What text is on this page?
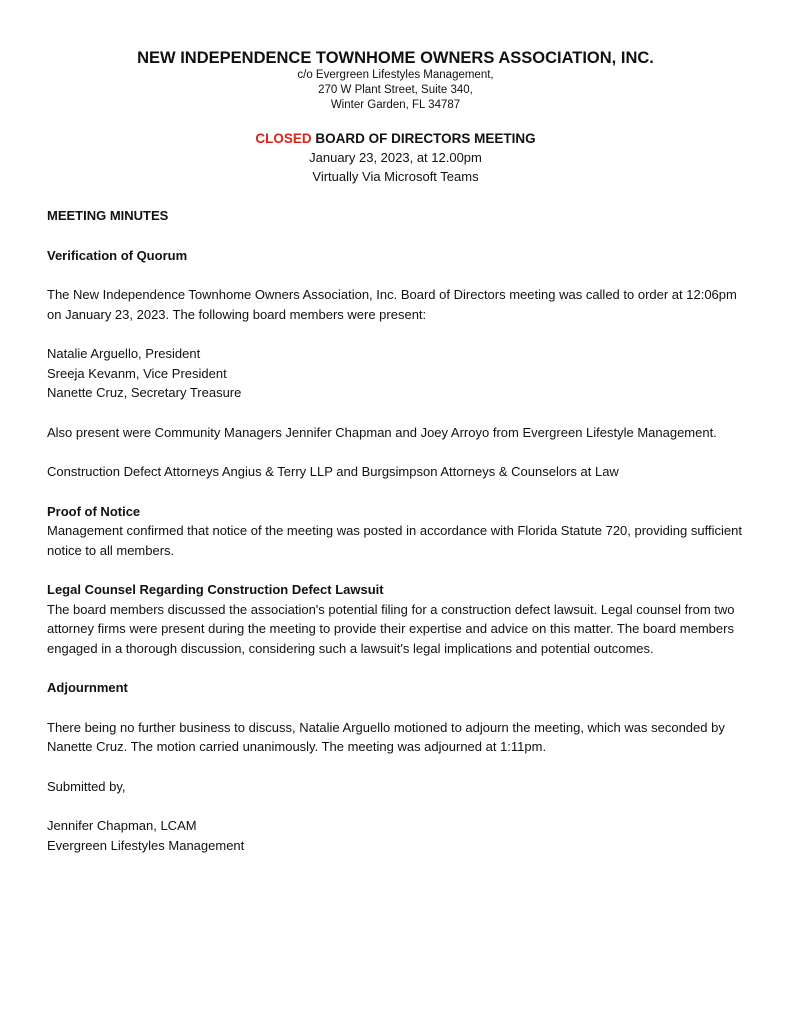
NEW INDEPENDENCE TOWNHOME OWNERS ASSOCIATION, INC.

c/o Evergreen Lifestyles Management,

270 W Plant Street, Suite 340,

Winter Garden, FL 34787

CLOSED BOARD OF DIRECTORS MEETING

January 23, 2023, at 12.00pm

Virtually Via Microsoft Teams

MEETING MINUTES

Verification of Quorum

The New Independence Townhome Owners Association, Inc. Board of Directors meeting was called to order at 12:06pm on January 23, 2023. The following board members were present:

Natalie Arguello, President

Sreeja Kevanm, Vice President

Nanette Cruz, Secretary Treasure

Also present were Community Managers Jennifer Chapman and Joey Arroyo from Evergreen Lifestyle Management.

Construction Defect Attorneys Angius & Terry LLP and Burgsimpson Attorneys & Counselors at Law

Proof of Notice

Management confirmed that notice of the meeting was posted in accordance with Florida Statute 720, providing sufficient notice to all members.

Legal Counsel Regarding Construction Defect Lawsuit

The board members discussed the association's potential filing for a construction defect lawsuit. Legal counsel from two attorney firms were present during the meeting to provide their expertise and advice on this matter. The board members engaged in a thorough discussion, considering such a lawsuit's legal implications and potential outcomes.

Adjournment

There being no further business to discuss, Natalie Arguello motioned to adjourn the meeting, which was seconded by Nanette Cruz. The motion carried unanimously. The meeting was adjourned at 1:11pm.

Submitted by,

Jennifer Chapman, LCAM

Evergreen Lifestyles Management
